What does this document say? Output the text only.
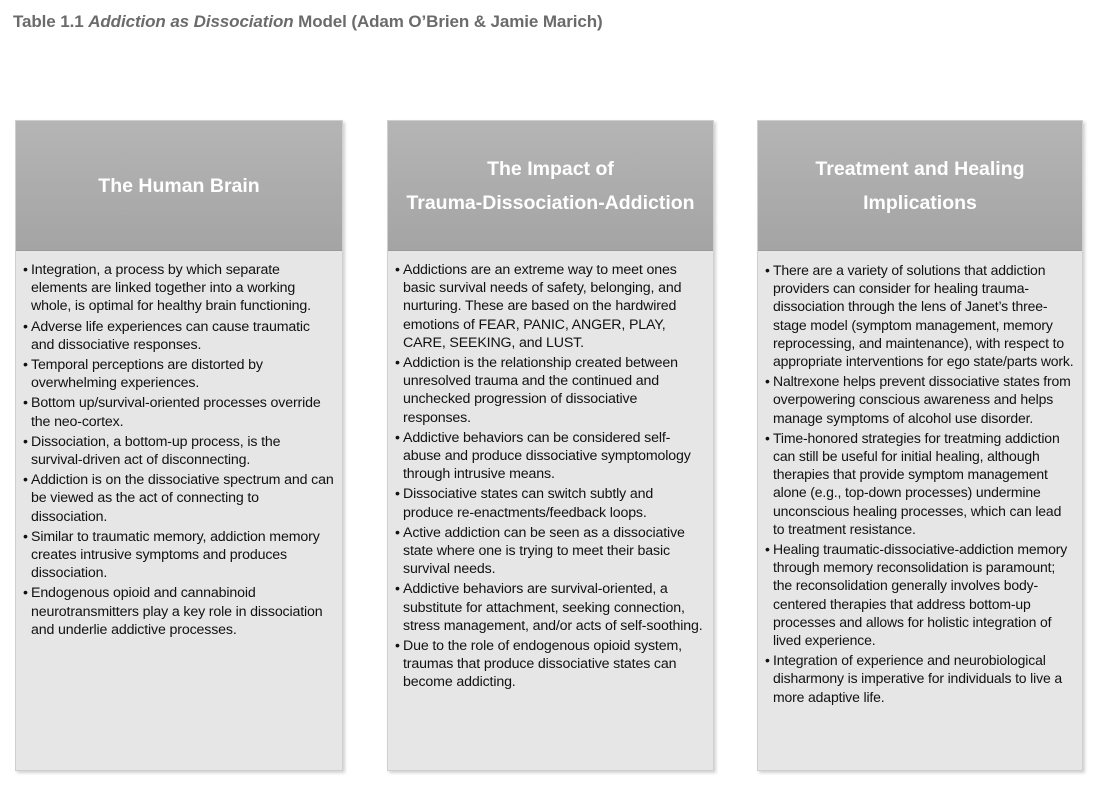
Table 1.1 Addiction as Dissociation Model (Adam O’Brien & Jamie Marich)
The Human Brain
• Integration, a process by which separate elements are linked together into a working whole, is optimal for healthy brain functioning.
• Adverse life experiences can cause traumatic and dissociative responses.
• Temporal perceptions are distorted by overwhelming experiences.
• Bottom up/survival-oriented processes override the neo-cortex.
• Dissociation, a bottom-up process, is the survival-driven act of disconnecting.
• Addiction is on the dissociative spectrum and can be viewed as the act of connecting to dissociation.
• Similar to traumatic memory, addiction memory creates intrusive symptoms and produces dissociation.
• Endogenous opioid and cannabinoid neurotransmitters play a key role in dissociation and underlie addictive processes.
The Impact of
Trauma-Dissociation-Addiction
• Addictions are an extreme way to meet ones basic survival needs of safety, belonging, and nurturing. These are based on the hardwired emotions of FEAR, PANIC, ANGER, PLAY, CARE, SEEKING, and LUST.
• Addiction is the relationship created between unresolved trauma and the continued and unchecked progression of dissociative responses.
• Addictive behaviors can be considered self-abuse and produce dissociative symptomology through intrusive means.
• Dissociative states can switch subtly and produce re-enactments/feedback loops.
• Active addiction can be seen as a dissociative state where one is trying to meet their basic survival needs.
• Addictive behaviors are survival-oriented, a substitute for attachment, seeking connection, stress management, and/or acts of self-soothing.
• Due to the role of endogenous opioid system, traumas that produce dissociative states can become addicting.
Treatment and Healing
Implications
• There are a variety of solutions that addiction providers can consider for healing trauma-dissociation through the lens of Janet’s three-stage model (symptom management, memory reprocessing, and maintenance), with respect to appropriate interventions for ego state/parts work.
• Naltrexone helps prevent dissociative states from overpowering conscious awareness and helps manage symptoms of alcohol use disorder.
• Time-honored strategies for treatming addiction can still be useful for initial healing, although therapies that provide symptom management alone (e.g., top-down processes) undermine unconscious healing processes, which can lead to treatment resistance.
• Healing traumatic-dissociative-addiction memory through memory reconsolidation is paramount; the reconsolidation generally involves body-centered therapies that address bottom-up processes and allows for holistic integration of lived experience.
• Integration of experience and neurobiological disharmony is imperative for individuals to live a more adaptive life.
